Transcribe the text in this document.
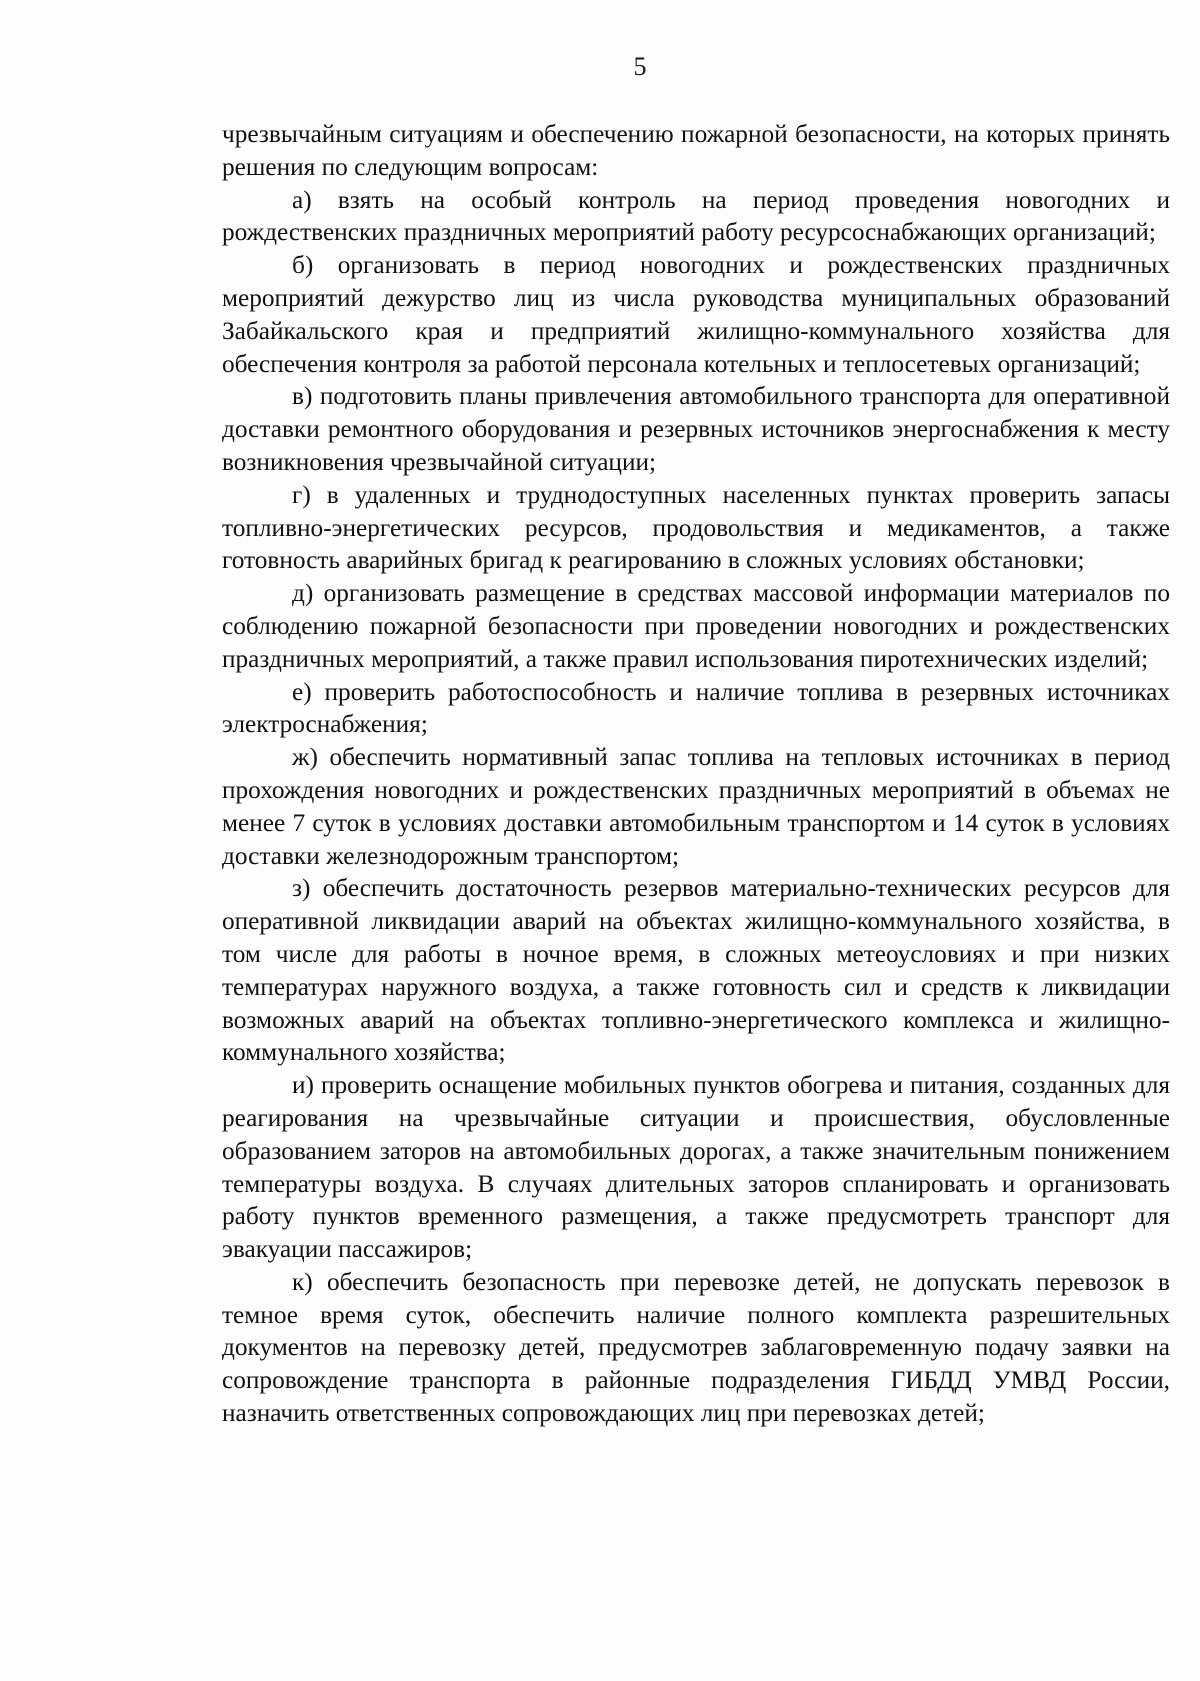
5

чрезвычайным ситуациям и обеспечению пожарной безопасности, на которых принять решения по следующим вопросам:

а) взять на особый контроль на период проведения новогодних и рождественских праздничных мероприятий работу ресурсоснабжающих организаций;

б) организовать в период новогодних и рождественских праздничных мероприятий дежурство лиц из числа руководства муниципальных образований Забайкальского края и предприятий жилищно-коммунального хозяйства для обеспечения контроля за работой персонала котельных и теплосетевых организаций;

в) подготовить планы привлечения автомобильного транспорта для оперативной доставки ремонтного оборудования и резервных источников энергоснабжения к месту возникновения чрезвычайной ситуации;

г) в удаленных и труднодоступных населенных пунктах проверить запасы топливно-энергетических ресурсов, продовольствия и медикаментов, а также готовность аварийных бригад к реагированию в сложных условиях обстановки;

д) организовать размещение в средствах массовой информации материалов по соблюдению пожарной безопасности при проведении новогодних и рождественских праздничных мероприятий, а также правил использования пиротехнических изделий;

е) проверить работоспособность и наличие топлива в резервных источниках электроснабжения;

ж) обеспечить нормативный запас топлива на тепловых источниках в период прохождения новогодних и рождественских праздничных мероприятий в объемах не менее 7 суток в условиях доставки автомобильным транспортом и 14 суток в условиях доставки железнодорожным транспортом;

з) обеспечить достаточность резервов материально-технических ресурсов для оперативной ликвидации аварий на объектах жилищно-коммунального хозяйства, в том числе для работы в ночное время, в сложных метеоусловиях и при низких температурах наружного воздуха, а также готовность сил и средств к ликвидации возможных аварий на объектах топливно-энергетического комплекса и жилищно-коммунального хозяйства;

и) проверить оснащение мобильных пунктов обогрева и питания, созданных для реагирования на чрезвычайные ситуации и происшествия, обусловленные образованием заторов на автомобильных дорогах, а также значительным понижением температуры воздуха. В случаях длительных заторов спланировать и организовать работу пунктов временного размещения, а также предусмотреть транспорт для эвакуации пассажиров;

к) обеспечить безопасность при перевозке детей, не допускать перевозок в темное время суток, обеспечить наличие полного комплекта разрешительных документов на перевозку детей, предусмотрев заблаговременную подачу заявки на сопровождение транспорта в районные подразделения ГИБДД УМВД России, назначить ответственных сопровождающих лиц при перевозках детей;
